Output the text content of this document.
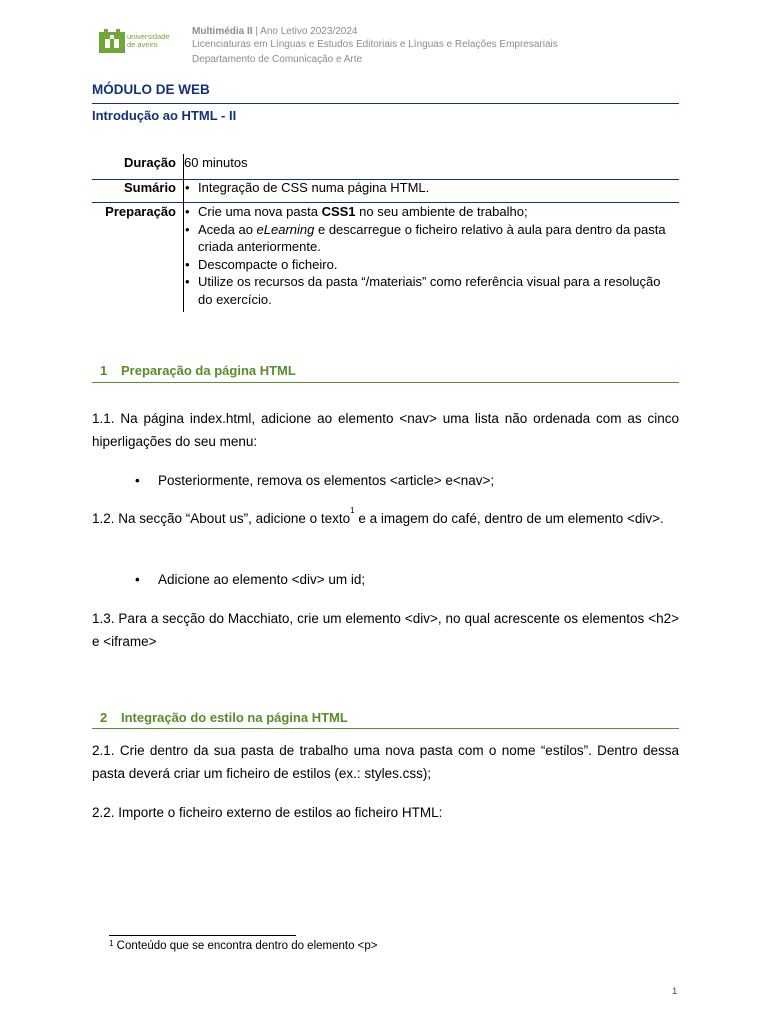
universidade
de aveiro
Multimédia II | Ano Letivo 2023/2024
Licenciaturas em Línguas e Estudos Editoriais e Línguas e Relações Empresariais
Departamento de Comunicação e Arte
MÓDULO DE WEB
Introdução ao HTML - II
Duração 60 minutos
Sumário	• Integração de CSS numa página HTML.
Preparação	• Crie uma nova pasta CSS1 no seu ambiente de trabalho;
• Aceda ao eLearning e descarregue o ficheiro relativo à aula para dentro da pasta criada anteriormente.
• Descompacte o ficheiro.
• Utilize os recursos da pasta “/materiais” como referência visual para a resolução do exercício.
1 Preparação da página HTML
1.1. Na página index.html, adicione ao elemento <nav> uma lista não ordenada com as cinco hiperligações do seu menu:
• Posteriormente, remova os elementos <article> e<nav>;
1.2. Na secção “About us”, adicione o texto$^1$ e a imagem do café, dentro de um elemento <div>.
• Adicione ao elemento <div> um id;
1.3. Para a secção do Macchiato, crie um elemento <div>, no qual acrescente os elementos <h2> e <iframe>
2 Integração do estilo na página HTML
2.1. Crie dentro da sua pasta de trabalho uma nova pasta com o nome “estilos”. Dentro dessa pasta deverá criar um ficheiro de estilos (ex.: styles.css);
2.2. Importe o ficheiro externo de estilos ao ficheiro HTML:
$^1$ Conteúdo que se encontra dentro do elemento <p>
1
